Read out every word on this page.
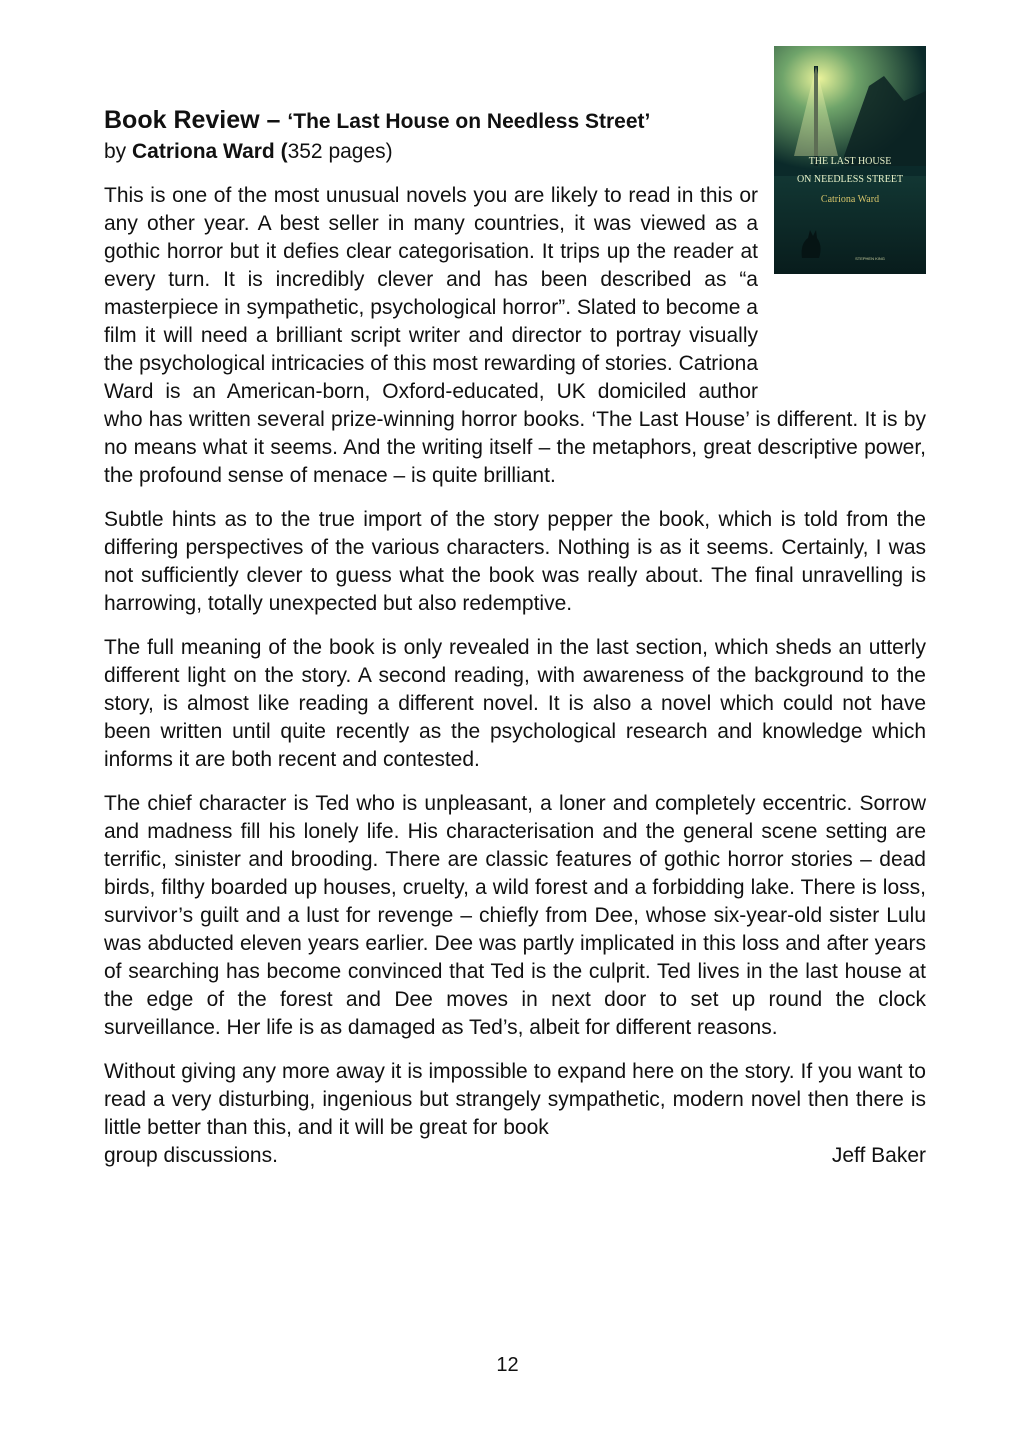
THE LAST HOUSE
ON NEEDLESS STREET
Catriona Ward
STEPHEN KING
Book Review – ‘The Last House on Needless Street’
by Catriona Ward (352 pages)

This is one of the most unusual novels you are likely to read in this or any other year. A best seller in many countries, it was viewed as a gothic horror but it defies clear categorisation. It trips up the reader at every turn. It is incredibly clever and has been described as “a masterpiece in sympathetic, psychological horror”. Slated to become a film it will need a brilliant script writer and director to portray visually the psychological intricacies of this most rewarding of stories. Catriona Ward is an American-born, Oxford-educated, UK domiciled author who has written several prize-winning horror books. ‘The Last House’ is different. It is by no means what it seems. And the writing itself – the metaphors, great descriptive power, the profound sense of menace – is quite brilliant.

Subtle hints as to the true import of the story pepper the book, which is told from the differing perspectives of the various characters. Nothing is as it seems. Certainly, I was not sufficiently clever to guess what the book was really about. The final unravelling is harrowing, totally unexpected but also redemptive.

The full meaning of the book is only revealed in the last section, which sheds an utterly different light on the story. A second reading, with awareness of the background to the story, is almost like reading a different novel. It is also a novel which could not have been written until quite recently as the psychological research and knowledge which informs it are both recent and contested.

The chief character is Ted who is unpleasant, a loner and completely eccentric. Sorrow and madness fill his lonely life. His characterisation and the general scene setting are terrific, sinister and brooding. There are classic features of gothic horror stories – dead birds, filthy boarded up houses, cruelty, a wild forest and a forbidding lake. There is loss, survivor’s guilt and a lust for revenge – chiefly from Dee, whose six-year-old sister Lulu was abducted eleven years earlier. Dee was partly implicated in this loss and after years of searching has become convinced that Ted is the culprit. Ted lives in the last house at the edge of the forest and Dee moves in next door to set up round the clock surveillance. Her life is as damaged as Ted’s, albeit for different reasons.

Without giving any more away it is impossible to expand here on the story. If you want to read a very disturbing, ingenious but strangely sympathetic, modern novel then there is little better than this, and it will be great for book

group discussions.	Jeff Baker
12
